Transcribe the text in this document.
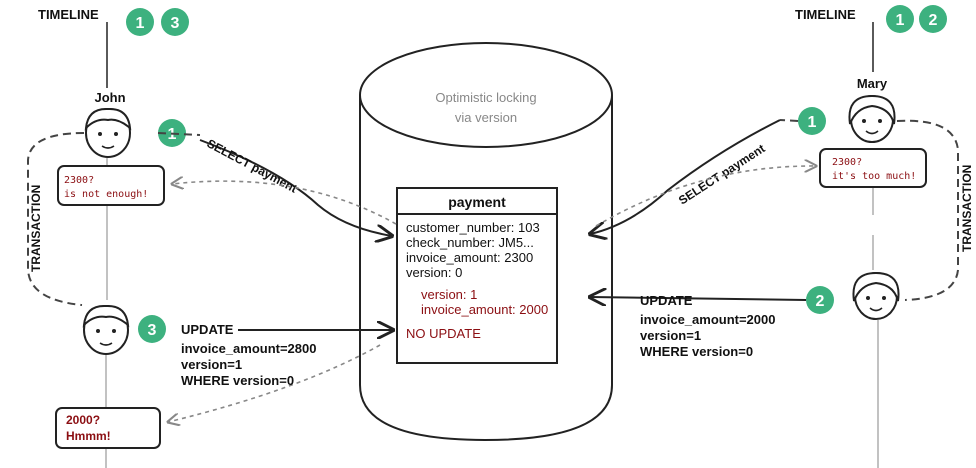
TIMELINE
1 3
TIMELINE 1 2
John
1
2300?
is not enough!
TRANSACTION
3
2000?
Hmmm!
Mary
1
2300?
it's too much!	TRANSACTION
2
Optimistic locking
via version
payment
customer_number: 103
check_number: JM5...
invoice_amount: 2300
version: 0
version: 1
invoice_amount: 2000
NO UPDATE
SELECT payment	SELECT payment
UPDATE
invoice_amount=2800
version=1
WHERE version=0
UPDATE
invoice_amount=2000
version=1
WHERE version=0
